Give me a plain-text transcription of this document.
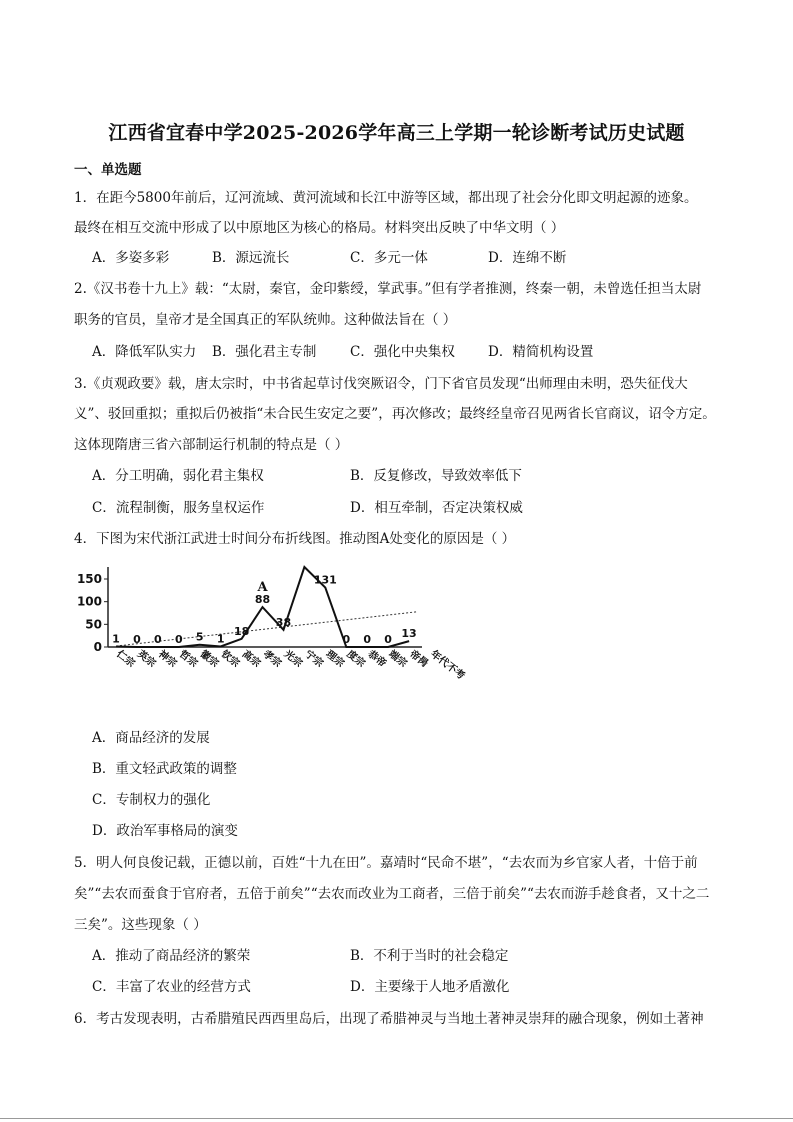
江西省宜春中学2025-2026学年高三上学期一轮诊断考试历史试题
一、单选题
1．在距今5800年前后，辽河流域、黄河流域和长江中游等区域，都出现了社会分化即文明起源的迹象。
最终在相互交流中形成了以中原地区为核心的格局。材料突出反映了中华文明（ ）
A．多姿多彩	B．源远流长	C．多元一体	D．连绵不断
2.《汉书卷十九上》载：“太尉，秦官，金印紫绶，掌武事。”但有学者推测，终秦一朝，未曾选任担当太尉
职务的官员，皇帝才是全国真正的军队统帅。这种做法旨在（ ）
A．降低军队实力 B．强化君主专制 C．强化中央集权 D．精简机构设置
3.《贞观政要》载，唐太宗时，中书省起草讨伐突厥诏令，门下省官员发现“出师理由未明，恐失征伐大
义”、驳回重拟；重拟后仍被指“未合民生安定之要”，再次修改；最终经皇帝召见两省长官商议，诏令方定。
这体现隋唐三省六部制运行机制的特点是（ ）
A．分工明确，弱化君主集权	B．反复修改，导致效率低下
C．流程制衡，服务皇权运作	D．相互牵制，否定决策权威
4．下图为宋代浙江武进士时间分布折线图。推动图A处变化的原因是（ ）
150
100
50
0
1 0 0 0 5 1
18
88
38
131
0 0 0 13
A
仁宗
英宗
神宗
哲宗
徽宗
钦宗
高宗
孝宗
光宗
宁宗
理宗
度宗
恭帝
端宗
帝昺
年代不考
A．商品经济的发展
B．重文轻武政策的调整
C．专制权力的强化
D．政治军事格局的演变
5．明人何良俊记载，正德以前，百姓“十九在田”。嘉靖时“民命不堪”，“去农而为乡官家人者，十倍于前
矣”“去农而蚕食于官府者，五倍于前矣”“去农而改业为工商者，三倍于前矣”“去农而游手趁食者，又十之二
三矣”。这些现象（ ）
A．推动了商品经济的繁荣	B．不利于当时的社会稳定
C．丰富了农业的经营方式	D．主要缘于人地矛盾激化
6．考古发现表明，古希腊殖民西西里岛后，出现了希腊神灵与当地土著神灵崇拜的融合现象，例如土著神
